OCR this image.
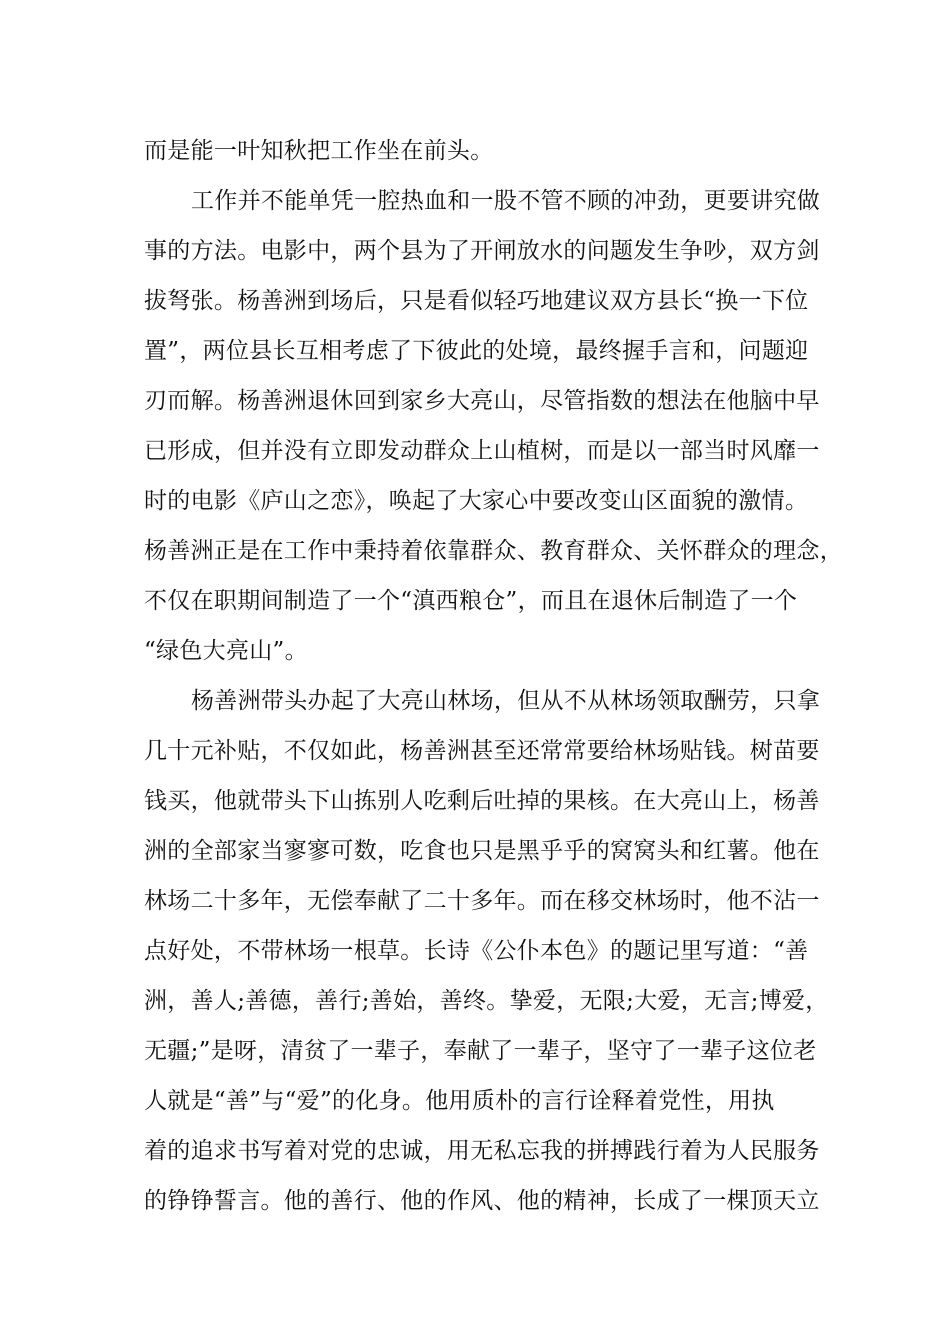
而是能一叶知秋把工作坐在前头。

工作并不能单凭一腔热血和一股不管不顾的冲劲，更要讲究做

事的方法。电影中，两个县为了开闸放水的问题发生争吵，双方剑

拔弩张。杨善洲到场后，只是看似轻巧地建议双方县长“换一下位

置”，两位县长互相考虑了下彼此的处境，最终握手言和，问题迎

刃而解。杨善洲退休回到家乡大亮山，尽管指数的想法在他脑中早

已形成，但并没有立即发动群众上山植树，而是以一部当时风靡一

时的电影《庐山之恋》，唤起了大家心中要改变山区面貌的激情。

杨善洲正是在工作中秉持着依靠群众、教育群众、关怀群众的理念，

不仅在职期间制造了一个“滇西粮仓”，而且在退休后制造了一个

“绿色大亮山”。

杨善洲带头办起了大亮山林场，但从不从林场领取酬劳，只拿

几十元补贴，不仅如此，杨善洲甚至还常常要给林场贴钱。树苗要

钱买，他就带头下山拣别人吃剩后吐掉的果核。在大亮山上，杨善

洲的全部家当寥寥可数，吃食也只是黑乎乎的窝窝头和红薯。他在

林场二十多年，无偿奉献了二十多年。而在移交林场时，他不沾一

点好处，不带林场一根草。长诗《公仆本色》的题记里写道：“善

洲，善人;善德，善行;善始，善终。挚爱，无限;大爱，无言;博爱，

无疆;”是呀，清贫了一辈子，奉献了一辈子，坚守了一辈子这位老

人就是“善”与“爱”的化身。他用质朴的言行诠释着党性，用执

着的追求书写着对党的忠诚，用无私忘我的拼搏践行着为人民服务

的铮铮誓言。他的善行、他的作风、他的精神，长成了一棵顶天立
